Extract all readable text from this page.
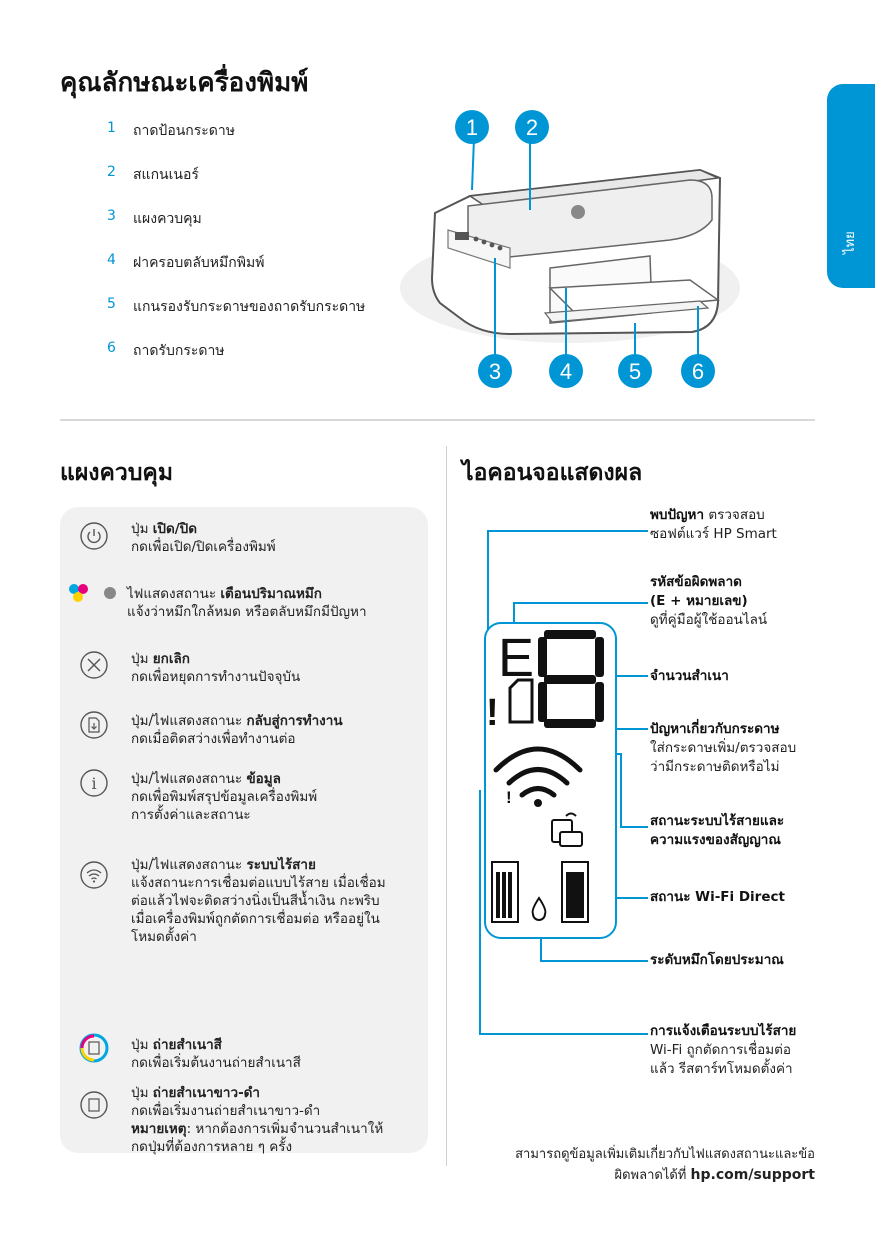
ไทย
คุณลักษณะเครื่องพิมพ์
1	ถาดป้อนกระดาษ
2	สแกนเนอร์
3	แผงควบคุม
4	ฝาครอบตลับหมึกพิมพ์
5	แกนรองรับกระดาษของถาดรับกระดาษ
6	ถาดรับกระดาษ
1 2
3	4	5 6
แผงควบคุม
i
ปุ่ม เปิด/ปิด
กดเพื่อเปิด/ปิดเครื่องพิมพ์
ไฟแสดงสถานะ เตือนปริมาณหมึก
แจ้งว่าหมึกใกล้หมด หรือตลับหมึกมีปัญหา
ปุ่ม ยกเลิก
กดเพื่อหยุดการทำงานปัจจุบัน
ปุ่ม/ไฟแสดงสถานะ กลับสู่การทำงาน
กดเมื่อติดสว่างเพื่อทำงานต่อ
ปุ่ม/ไฟแสดงสถานะ ข้อมูล
กดเพื่อพิมพ์สรุปข้อมูลเครื่องพิมพ์
การตั้งค่าและสถานะ
ปุ่ม/ไฟแสดงสถานะ ระบบไร้สาย
แจ้งสถานะการเชื่อมต่อแบบไร้สาย เมื่อเชื่อม
ต่อแล้วไฟจะติดสว่างนิ่งเป็นสีน้ำเงิน กะพริบ
เมื่อเครื่องพิมพ์ถูกตัดการเชื่อมต่อ หรืออยู่ใน
โหมดตั้งค่า
ปุ่ม ถ่ายสำเนาสี
กดเพื่อเริ่มต้นงานถ่ายสำเนาสี
ปุ่ม ถ่ายสำเนาขาว-ดำ
กดเพื่อเริ่มงานถ่ายสำเนาขาว-ดำ
หมายเหตุ: หากต้องการเพิ่มจำนวนสำเนาให้
กดปุ่มที่ต้องการหลาย ๆ ครั้ง
ไอคอนจอแสดงผล
E
!
!
พบปัญหา ตรวจสอบ
ซอฟต์แวร์ HP Smart
รหัสข้อผิดพลาด
(E + หมายเลข)
ดูที่คู่มือผู้ใช้ออนไลน์
จำนวนสำเนา
ปัญหาเกี่ยวกับกระดาษ
ใส่กระดาษเพิ่ม/ตรวจสอบ
ว่ามีกระดาษติดหรือไม่
สถานะระบบไร้สายและ
ความแรงของสัญญาณ
สถานะ Wi-Fi Direct
ระดับหมึกโดยประมาณ
การแจ้งเตือนระบบไร้สาย
Wi-Fi ถูกตัดการเชื่อมต่อ
แล้ว รีสตาร์ทโหมดตั้งค่า
สามารถดูข้อมูลเพิ่มเติมเกี่ยวกับไฟแสดงสถานะและข้อ
ผิดพลาดได้ที่ hp.com/support
